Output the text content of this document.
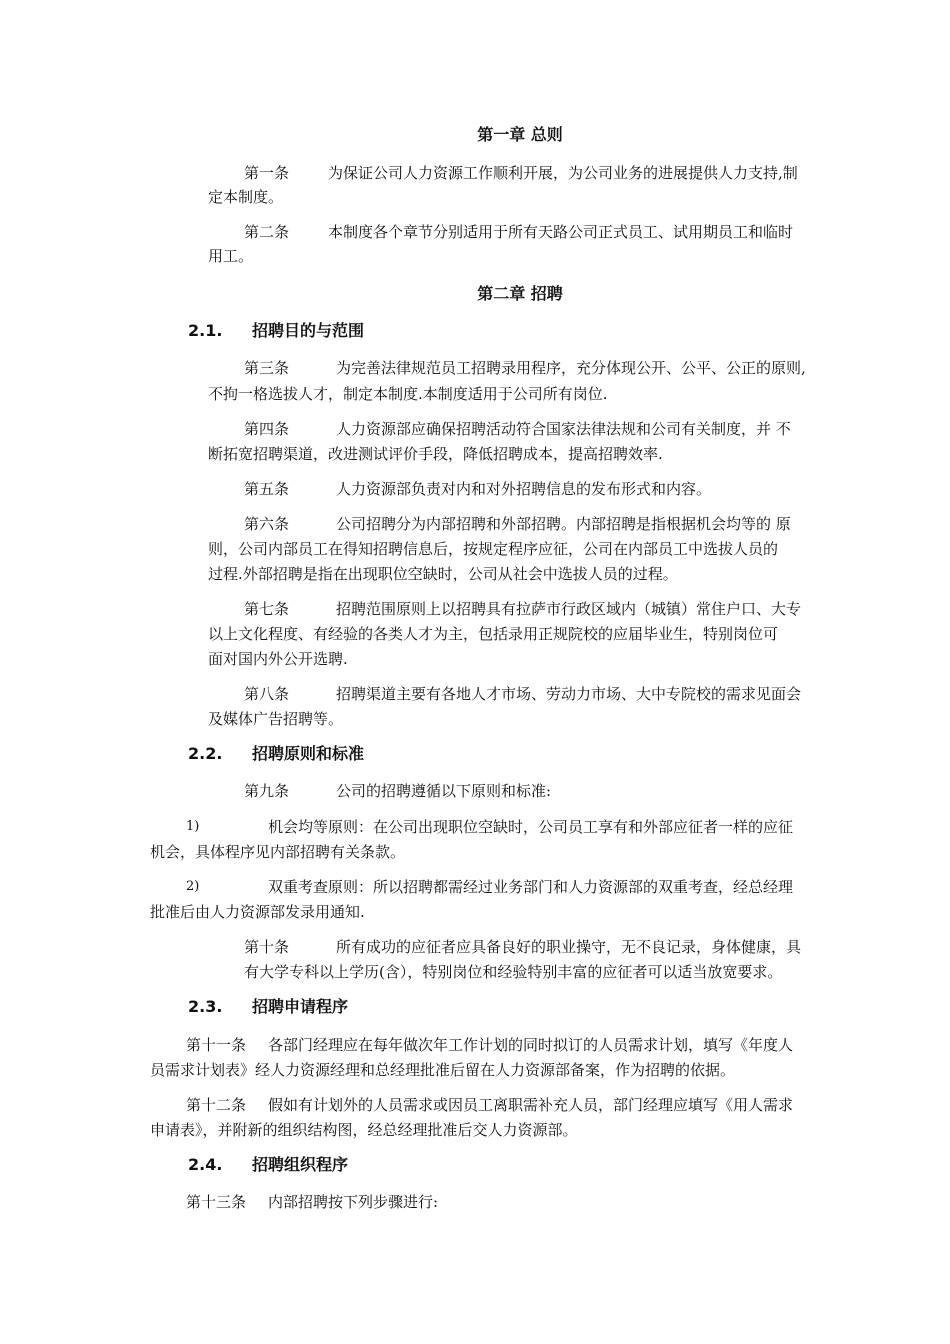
第一章 总则
第一条	为保证公司人力资源工作顺利开展，为公司业务的进展提供人力支持,制
定本制度。
第二条	本制度各个章节分别适用于所有天路公司正式员工、试用期员工和临时
用工。
第二章 招聘
2.1. 招聘目的与范围
第三条	为完善法律规范员工招聘录用程序，充分体现公开、公平、公正的原则,
不拘一格选拔人才，制定本制度.本制度适用于公司所有岗位.
第四条	人力资源部应确保招聘活动符合国家法律法规和公司有关制度，并 不
断拓宽招聘渠道，改进测试评价手段，降低招聘成本，提高招聘效率.
第五条	人力资源部负责对内和对外招聘信息的发布形式和内容。
第六条	公司招聘分为内部招聘和外部招聘。内部招聘是指根据机会均等的 原
则，公司内部员工在得知招聘信息后，按规定程序应征，公司在内部员工中选拔人员的
过程.外部招聘是指在出现职位空缺时，公司从社会中选拔人员的过程。
第七条	招聘范围原则上以招聘具有拉萨市行政区域内（城镇）常住户口、大专
以上文化程度、有经验的各类人才为主，包括录用正规院校的应届毕业生，特别岗位可
面对国内外公开选聘.
第八条	招聘渠道主要有各地人才市场、劳动力市场、大中专院校的需求见面会
及媒体广告招聘等。
2.2. 招聘原则和标准
第九条	公司的招聘遵循以下原则和标准:
1)	机会均等原则：在公司出现职位空缺时，公司员工享有和外部应征者一样的应征
机会，具体程序见内部招聘有关条款。
2)	双重考查原则：所以招聘都需经过业务部门和人力资源部的双重考查，经总经理
批准后由人力资源部发录用通知.
第十条	所有成功的应征者应具备良好的职业操守，无不良记录，身体健康，具
有大学专科以上学历(含），特别岗位和经验特别丰富的应征者可以适当放宽要求。
2.3. 招聘申请程序
第十一条 各部门经理应在每年做次年工作计划的同时拟订的人员需求计划，填写《年度人
员需求计划表》经人力资源经理和总经理批准后留在人力资源部备案，作为招聘的依据。
第十二条 假如有计划外的人员需求或因员工离职需补充人员，部门经理应填写《用人需求
申请表》，并附新的组织结构图，经总经理批准后交人力资源部。
2.4. 招聘组织程序
第十三条 内部招聘按下列步骤进行:
